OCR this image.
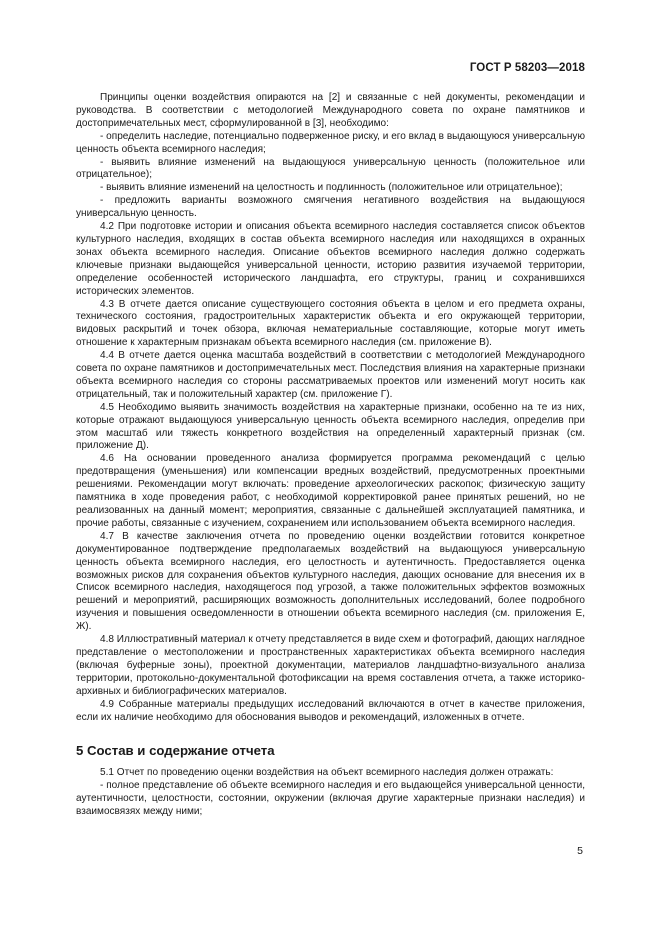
ГОСТ Р 58203—2018

Принципы оценки воздействия опираются на [2] и связанные с ней документы, рекомендации и руководства. В соответствии с методологией Международного совета по охране памятников и достопримечательных мест, сформулированной в [3], необходимо:

- определить наследие, потенциально подверженное риску, и его вклад в выдающуюся универсальную ценность объекта всемирного наследия;

- выявить влияние изменений на выдающуюся универсальную ценность (положительное или отрицательное);

- выявить влияние изменений на целостность и подлинность (положительное или отрицательное);

- предложить варианты возможного смягчения негативного воздействия на выдающуюся универсальную ценность.

4.2 При подготовке истории и описания объекта всемирного наследия составляется список объектов культурного наследия, входящих в состав объекта всемирного наследия или находящихся в охранных зонах объекта всемирного наследия. Описание объектов всемирного наследия должно содержать ключевые признаки выдающейся универсальной ценности, историю развития изучаемой территории, определение особенностей исторического ландшафта, его структуры, границ и сохранившихся исторических элементов.

4.3 В отчете дается описание существующего состояния объекта в целом и его предмета охраны, технического состояния, градостроительных характеристик объекта и его окружающей территории, видовых раскрытий и точек обзора, включая нематериальные составляющие, которые могут иметь отношение к характерным признакам объекта всемирного наследия (см. приложение В).

4.4 В отчете дается оценка масштаба воздействий в соответствии с методологией Международного совета по охране памятников и достопримечательных мест. Последствия влияния на характерные признаки объекта всемирного наследия со стороны рассматриваемых проектов или изменений могут носить как отрицательный, так и положительный характер (см. приложение Г).

4.5 Необходимо выявить значимость воздействия на характерные признаки, особенно на те из них, которые отражают выдающуюся универсальную ценность объекта всемирного наследия, определив при этом масштаб или тяжесть конкретного воздействия на определенный характерный признак (см. приложение Д).

4.6 На основании проведенного анализа формируется программа рекомендаций с целью предотвращения (уменьшения) или компенсации вредных воздействий, предусмотренных проектными решениями. Рекомендации могут включать: проведение археологических раскопок; физическую защиту памятника в ходе проведения работ, с необходимой корректировкой ранее принятых решений, но не реализованных на данный момент; мероприятия, связанные с дальнейшей эксплуатацией памятника, и прочие работы, связанные с изучением, сохранением или использованием объекта всемирного наследия.

4.7 В качестве заключения отчета по проведению оценки воздействии готовится конкретное документированное подтверждение предполагаемых воздействий на выдающуюся универсальную ценность объекта всемирного наследия, его целостность и аутентичность. Предоставляется оценка возможных рисков для сохранения объектов культурного наследия, дающих основание для внесения их в Список всемирного наследия, находящегося под угрозой, а также положительных эффектов возможных решений и мероприятий, расширяющих возможность дополнительных исследований, более подробного изучения и повышения осведомленности в отношении объекта всемирного наследия (см. приложения Е, Ж).

4.8 Иллюстративный материал к отчету представляется в виде схем и фотографий, дающих наглядное представление о местоположении и пространственных характеристиках объекта всемирного наследия (включая буферные зоны), проектной документации, материалов ландшафтно-визуального анализа территории, протокольно-документальной фотофиксации на время составления отчета, а также историко-архивных и библиографических материалов.

4.9 Собранные материалы предыдущих исследований включаются в отчет в качестве приложения, если их наличие необходимо для обоснования выводов и рекомендаций, изложенных в отчете.

5 Состав и содержание отчета

5.1 Отчет по проведению оценки воздействия на объект всемирного наследия должен отражать:

- полное представление об объекте всемирного наследия и его выдающейся универсальной ценности, аутентичности, целостности, состоянии, окружении (включая другие характерные признаки наследия) и взаимосвязях между ними;

5
